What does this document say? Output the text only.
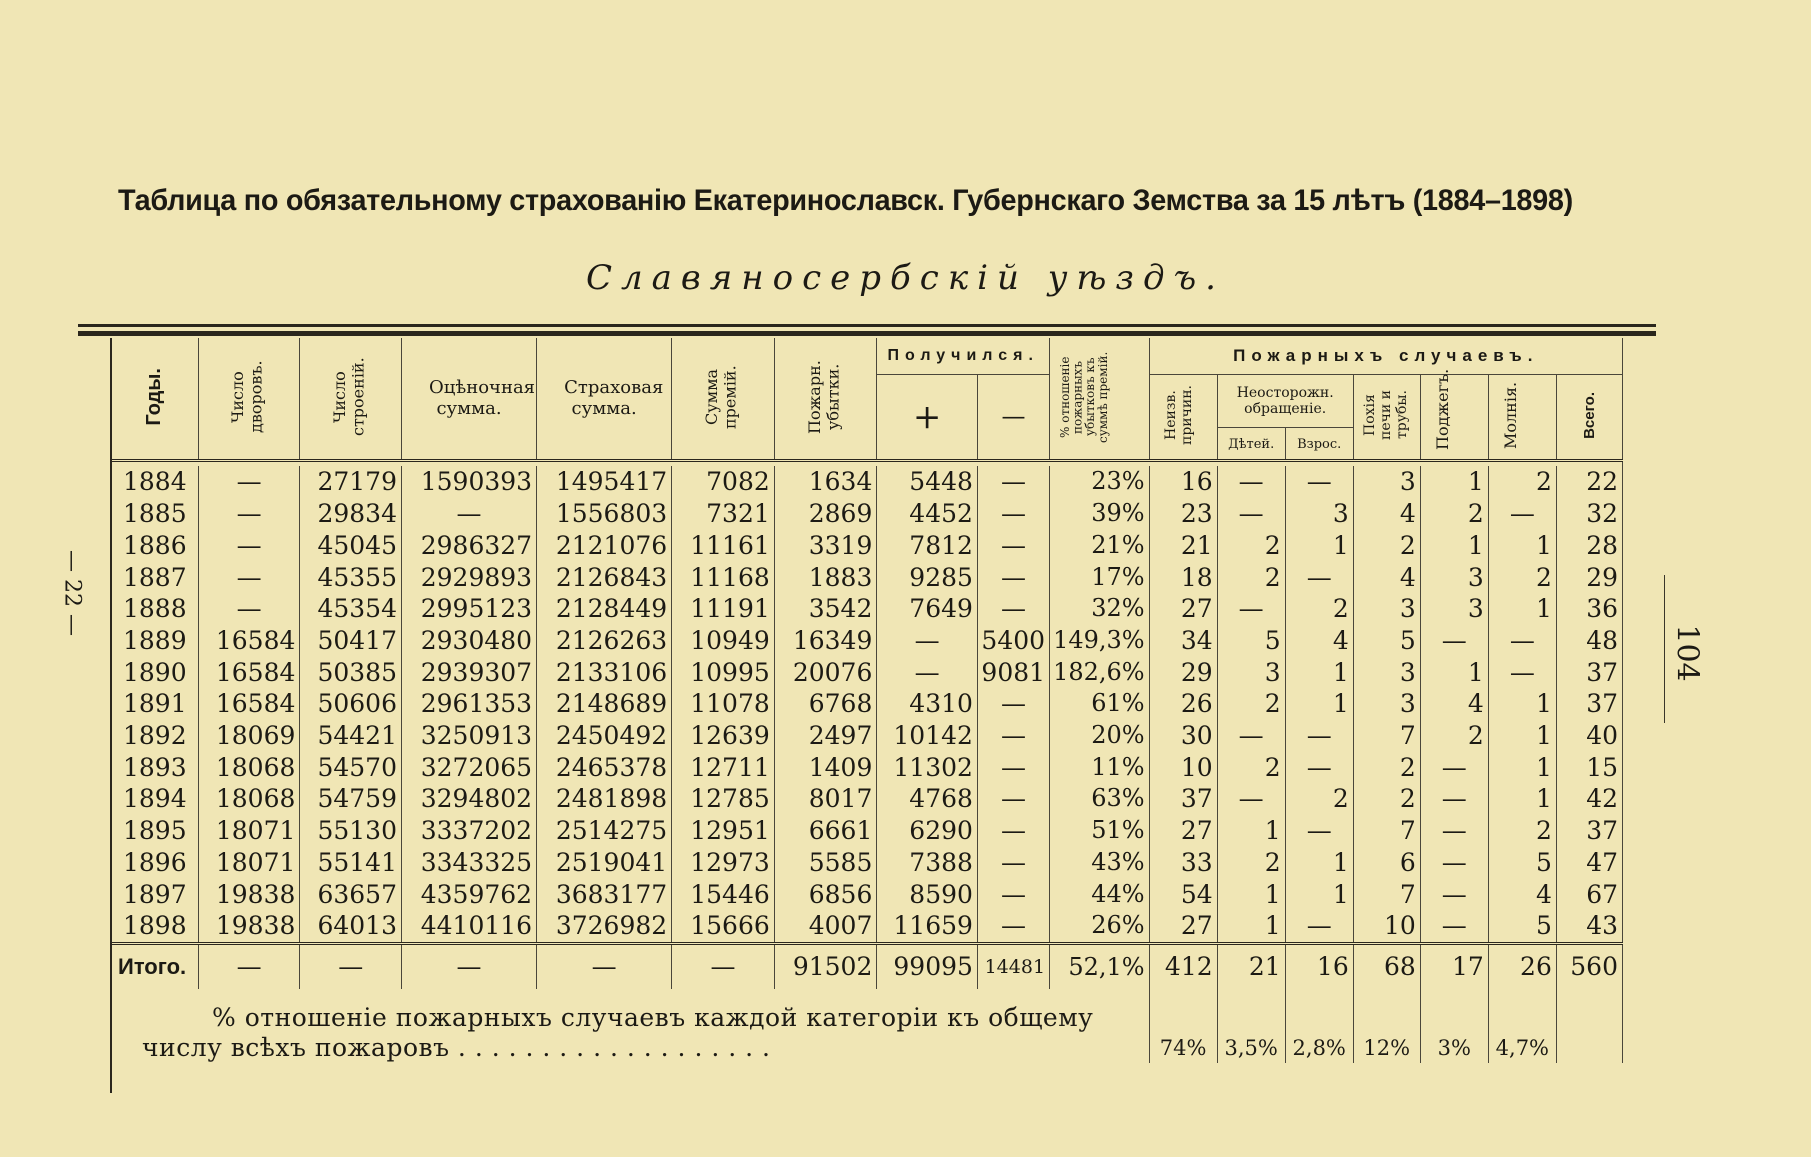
— 22 —
104
Таблица по обязательному страхованію Екатеринославск. Губернскаго Земства за 15 лѣтъ (1884–1898)
Славяносербскій уѣздъ.
Годы.	Число дворовъ.	Число строеній.	Оцѣночная сумма.	Страховая сумма.	Сумма премій.	Пожарн. убытки.	Получился.		% отношеніе пожарныхъ убытковъ къ суммѣ премій.	Пожарныхъ случаевъ.						
							+	—		Неизв. причин.	Неосторожн. обращеніе.		Похія печи и трубы.	Поджегъ.	Молнія.	Всего.
											Дѣтей.	Взрос.				

1884	—	27179	1590393	1495417	7082	1634	5448	—	23%	16	—	—	3	1	2	22
1885	—	29834	—	1556803	7321	2869	4452	—	39%	23	—	3	4	2	—	32
1886	—	45045	2986327	2121076	11161	3319	7812	—	21%	21	2	1	2	1	1	28
1887	—	45355	2929893	2126843	11168	1883	9285	—	17%	18	2	—	4	3	2	29
1888	—	45354	2995123	2128449	11191	3542	7649	—	32%	27	—	2	3	3	1	36
1889	16584	50417	2930480	2126263	10949	16349	—	5400	149,3%	34	5	4	5	—	—	48
1890	16584	50385	2939307	2133106	10995	20076	—	9081	182,6%	29	3	1	3	1	—	37
1891	16584	50606	2961353	2148689	11078	6768	4310	—	61%	26	2	1	3	4	1	37
1892	18069	54421	3250913	2450492	12639	2497	10142	—	20%	30	—	—	7	2	1	40
1893	18068	54570	3272065	2465378	12711	1409	11302	—	11%	10	2	—	2	—	1	15
1894	18068	54759	3294802	2481898	12785	8017	4768	—	63%	37	—	2	2	—	1	42
1895	18071	55130	3337202	2514275	12951	6661	6290	—	51%	27	1	—	7	—	2	37
1896	18071	55141	3343325	2519041	12973	5585	7388	—	43%	33	2	1	6	—	5	47
1897	19838	63657	4359762	3683177	15446	6856	8590	—	44%	54	1	1	7	—	4	67
1898	19838	64013	4410116	3726982	15666	4007	11659	—	26%	27	1	—	10	—	5	43
Итого.	—	—	—	—	—	91502	99095	14481	52,1%	412	21	16	68	17	26	560

% отношеніе пожарныхъ случаевъ каждой категоріи къ общему числу всѣхъ пожаровъ . . . . . . . . . . . . . . . . . . .										74%	3,5%	2,8%	12%	3%	4,7%	
